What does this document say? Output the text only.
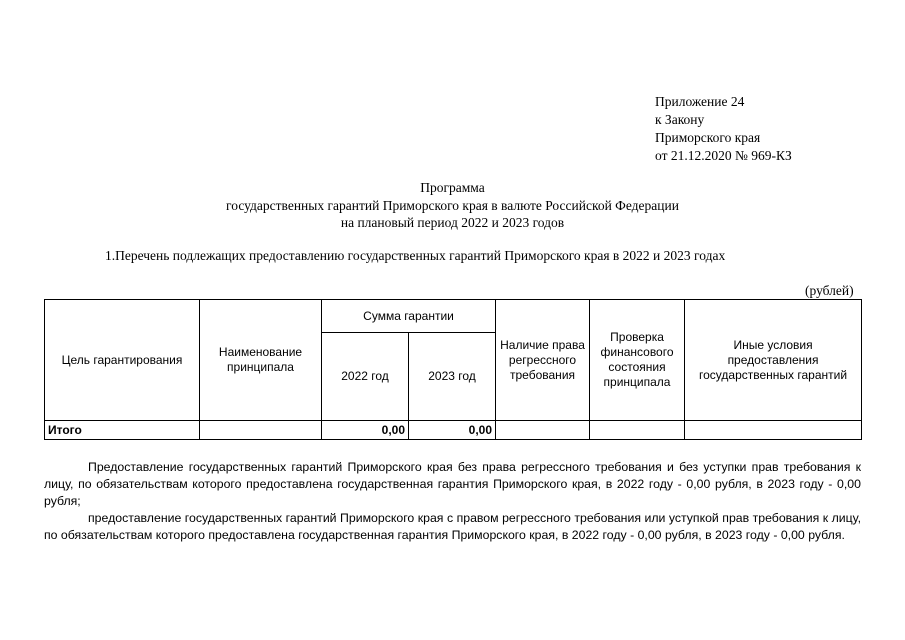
Приложение 24
к Закону
Приморского края
от 21.12.2020 № 969-КЗ
Программа
государственных гарантий Приморского края в валюте Российской Федерации
на плановый период 2022 и 2023 годов
1.Перечень подлежащих предоставлению государственных гарантий Приморского края в 2022 и 2023 годах
(рублей)
Цель гарантирования	Наименование принципала	Сумма гарантии		Наличие права регрессного требования	Проверка финансового состояния принципала	Иные условия предоставления государственных гарантий
		2022 год	2023 год			
Итого		0,00	0,00			

Предоставление государственных гарантий Приморского края без права регрессного требования и без уступки прав требования к лицу, по обязательствам которого предоставлена государственная гарантия Приморского края, в 2022 году - 0,00 рубля, в 2023 году - 0,00 рубля;

предоставление государственных гарантий Приморского края с правом регрессного требования или уступкой прав требования к лицу, по обязательствам которого предоставлена государственная гарантия Приморского края, в 2022 году - 0,00 рубля, в 2023 году - 0,00 рубля.
